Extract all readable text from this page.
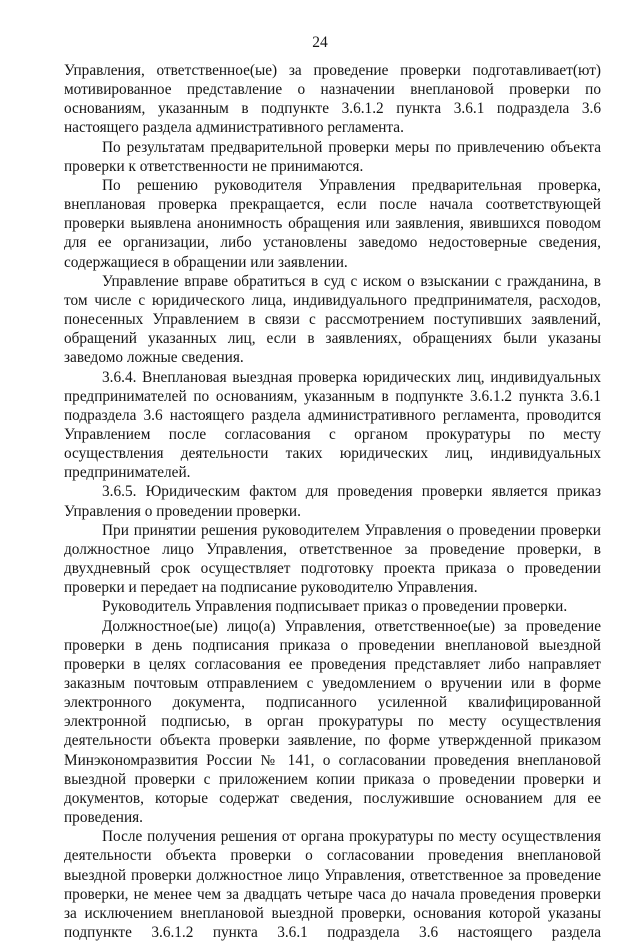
24

Управления, ответственное(ые) за проведение проверки подготавливает(ют) мотивированное представление о назначении внеплановой проверки по основаниям, указанным в подпункте 3.6.1.2 пункта 3.6.1 подраздела 3.6 настоящего раздела административного регламента.

По результатам предварительной проверки меры по привлечению объекта проверки к ответственности не принимаются.

По решению руководителя Управления предварительная проверка, внеплановая проверка прекращается, если после начала соответствующей проверки выявлена анонимность обращения или заявления, явившихся поводом для ее организации, либо установлены заведомо недостоверные сведения, содержащиеся в обращении или заявлении.

Управление вправе обратиться в суд с иском о взыскании с гражданина, в том числе с юридического лица, индивидуального предпринимателя, расходов, понесенных Управлением в связи с рассмотрением поступивших заявлений, обращений указанных лиц, если в заявлениях, обращениях были указаны заведомо ложные сведения.

3.6.4. Внеплановая выездная проверка юридических лиц, индивидуальных предпринимателей по основаниям, указанным в подпункте 3.6.1.2 пункта 3.6.1 подраздела 3.6 настоящего раздела административного регламента, проводится Управлением после согласования с органом прокуратуры по месту осуществления деятельности таких юридических лиц, индивидуальных предпринимателей.

3.6.5. Юридическим фактом для проведения проверки является приказ Управления о проведении проверки.

При принятии решения руководителем Управления о проведении проверки должностное лицо Управления, ответственное за проведение проверки, в двухдневный срок осуществляет подготовку проекта приказа о проведении проверки и передает на подписание руководителю Управления.

Руководитель Управления подписывает приказ о проведении проверки.

Должностное(ые) лицо(а) Управления, ответственное(ые) за проведение проверки в день подписания приказа о проведении внеплановой выездной проверки в целях согласования ее проведения представляет либо направляет заказным почтовым отправлением с уведомлением о вручении или в форме электронного документа, подписанного усиленной квалифицированной электронной подписью, в орган прокуратуры по месту осуществления деятельности объекта проверки заявление, по форме утвержденной приказом Минэкономразвития России № 141, о согласовании проведения внеплановой выездной проверки с приложением копии приказа о проведении проверки и документов, которые содержат сведения, послужившие основанием для ее проведения.

После получения решения от органа прокуратуры по месту осуществления деятельности объекта проверки о согласовании проведения внеплановой выездной проверки должностное лицо Управления, ответственное за проведение проверки, не менее чем за двадцать четыре часа до начала проведения проверки за исключением внеплановой выездной проверки, основания которой указаны подпункте 3.6.1.2 пункта 3.6.1 подраздела 3.6 настоящего раздела
